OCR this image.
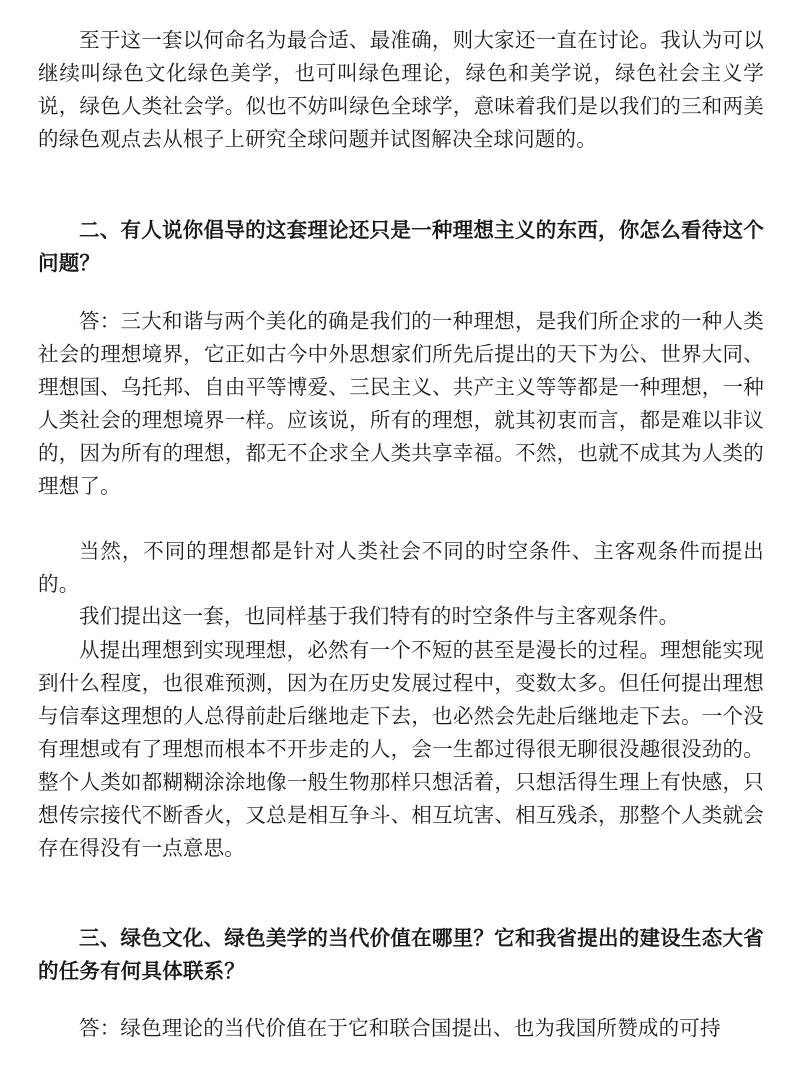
至于这一套以何命名为最合适、最准确，则大家还一直在讨论。我认为可以继续叫绿色文化绿色美学，也可叫绿色理论，绿色和美学说，绿色社会主义学说，绿色人类社会学。似也不妨叫绿色全球学，意味着我们是以我们的三和两美的绿色观点去从根子上研究全球问题并试图解决全球问题的。

二、有人说你倡导的这套理论还只是一种理想主义的东西，你怎么看待这个问题？

答：三大和谐与两个美化的确是我们的一种理想，是我们所企求的一种人类社会的理想境界，它正如古今中外思想家们所先后提出的天下为公、世界大同、理想国、乌托邦、自由平等博爱、三民主义、共产主义等等都是一种理想，一种人类社会的理想境界一样。应该说，所有的理想，就其初衷而言，都是难以非议的，因为所有的理想，都无不企求全人类共享幸福。不然，也就不成其为人类的理想了。

当然，不同的理想都是针对人类社会不同的时空条件、主客观条件而提出的。

我们提出这一套，也同样基于我们特有的时空条件与主客观条件。

从提出理想到实现理想，必然有一个不短的甚至是漫长的过程。理想能实现到什么程度，也很难预测，因为在历史发展过程中，变数太多。但任何提出理想与信奉这理想的人总得前赴后继地走下去，也必然会先赴后继地走下去。一个没有理想或有了理想而根本不开步走的人，会一生都过得很无聊很没趣很没劲的。整个人类如都糊糊涂涂地像一般生物那样只想活着，只想活得生理上有快感，只想传宗接代不断香火，又总是相互争斗、相互坑害、相互残杀，那整个人类就会存在得没有一点意思。

三、绿色文化、绿色美学的当代价值在哪里？它和我省提出的建设生态大省的任务有何具体联系？

答：绿色理论的当代价值在于它和联合国提出、也为我国所赞成的可持
